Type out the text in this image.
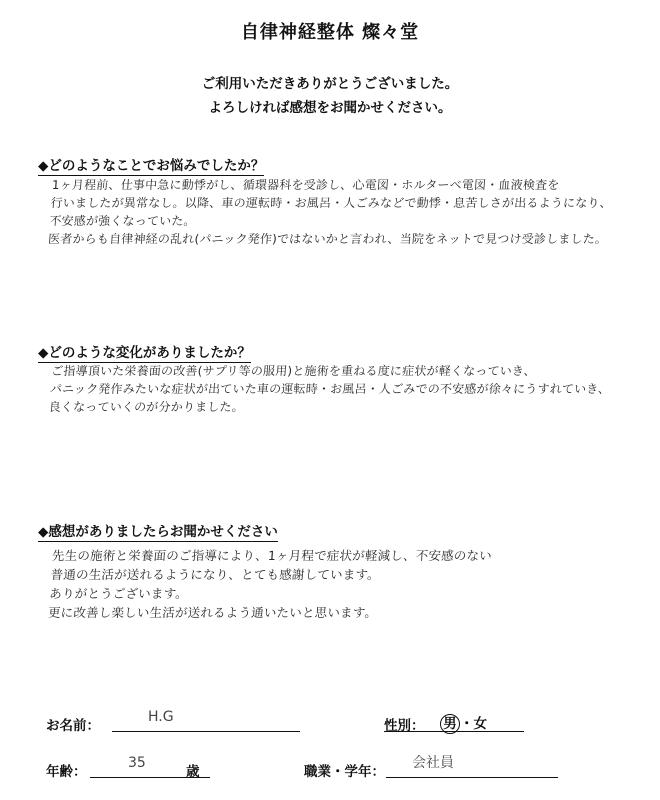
自律神経整体 燦々堂
ご利用いただきありがとうございました。
よろしければ感想をお聞かせください。
◆どのようなことでお悩みでしたか？
1ヶ月程前、仕事中急に動悸がし、循環器科を受診し、心電図・ホルターベ電図・血液検査を
行いましたが異常なし。以降、車の運転時・お風呂・人ごみなどで動悸・息苦しさが出るようになり、
不安感が強くなっていた。
医者からも自律神経の乱れ(パニック発作)ではないかと言われ、当院をネットで見つけ受診しました。
◆どのような変化がありましたか？
ご指導頂いた栄養面の改善(サプリ等の服用)と施術を重ねる度に症状が軽くなっていき、
パニック発作みたいな症状が出ていた車の運転時・お風呂・人ごみでの不安感が徐々にうすれていき、
良くなっていくのが分かりました。
◆感想がありましたらお聞かせください
先生の施術と栄養面のご指導により、1ヶ月程で症状が軽減し、不安感のない
普通の生活が送れるようになり、とても感謝しています。
ありがとうございます。
更に改善し楽しい生活が送れるよう通いたいと思います。
お名前：
H.G
性別： 男 ・女
年齢：
35
歳	職業・学年：
会社員
